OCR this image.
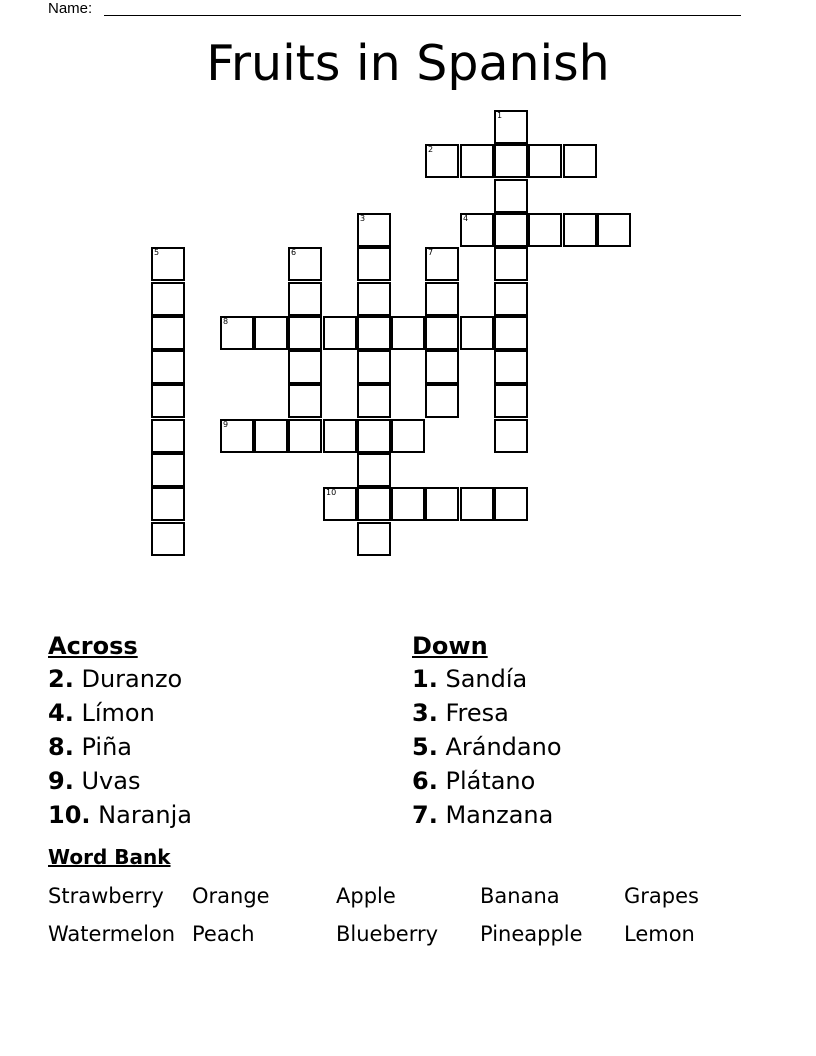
Name:
Fruits in Spanish
1
2
3	4
5	6	7
8
9
10
Across
2. Duranzo
4. Límon
8. Piña
9. Uvas
10. Naranja
Down
1. Sandía
3. Fresa
5. Arándano
6. Plátano
7. Manzana
Word Bank
Strawberry	Orange	Apple	Banana	Grapes
Watermelon Peach	Blueberry	Pineapple	Lemon
